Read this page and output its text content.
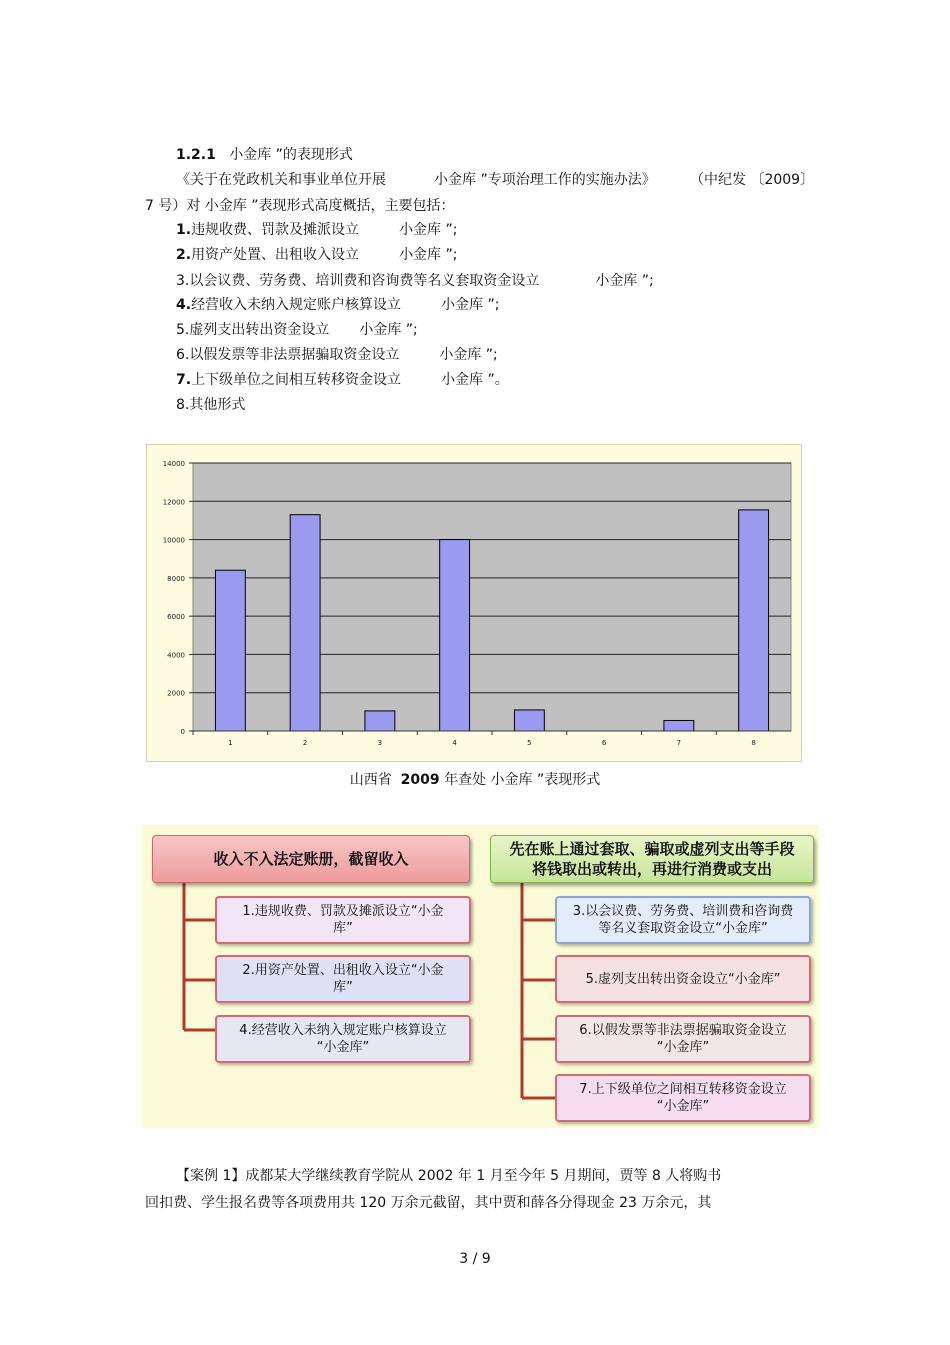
1.2.1 小金库 ”的表现形式
《关于在党政机关和事业单位开展	小金库 ”专项治理工作的实施办法》 （中纪发 〔2009〕
7 号）对 小金库 ”表现形式高度概括，主要包括：
1.违规收费、罚款及摊派设立	小金库 ”;
2.用资产处置、出租收入设立	小金库 ”;
3.以会议费、劳务费、培训费和咨询费等名义套取资金设立	小金库 ”;
4.经营收入未纳入规定账户核算设立	小金库 ”;
5.虚列支出转出资金设立 小金库 ”;
6.以假发票等非法票据骗取资金设立	小金库 ”;
7.上下级单位之间相互转移资金设立	小金库 ”。
8.其他形式
0
2000
4000
6000
8000
10000
12000
14000
1	2	3	4	5	6	7	8
山西省 2009 年查处 小金库 ”表现形式
收入不入法定账册，截留收入
先在账上通过套取、骗取或虚列支出等手段
将钱取出或转出，再进行消费或支出
1.违规收费、罚款及摊派设立“小金
库”
2.用资产处置、出租收入设立“小金
库”
4.经营收入未纳入规定账户核算设立
“小金库”
3.以会议费、劳务费、培训费和咨询费
等名义套取资金设立“小金库”
5.虚列支出转出资金设立“小金库”
6.以假发票等非法票据骗取资金设立
“小金库”
7.上下级单位之间相互转移资金设立
“小金库”
【案例 1】成都某大学继续教育学院从 2002 年 1 月至今年 5 月期间，贾等 8 人将购书
回扣费、学生报名费等各项费用共 120 万余元截留，其中贾和薛各分得现金 23 万余元，其
3 / 9
